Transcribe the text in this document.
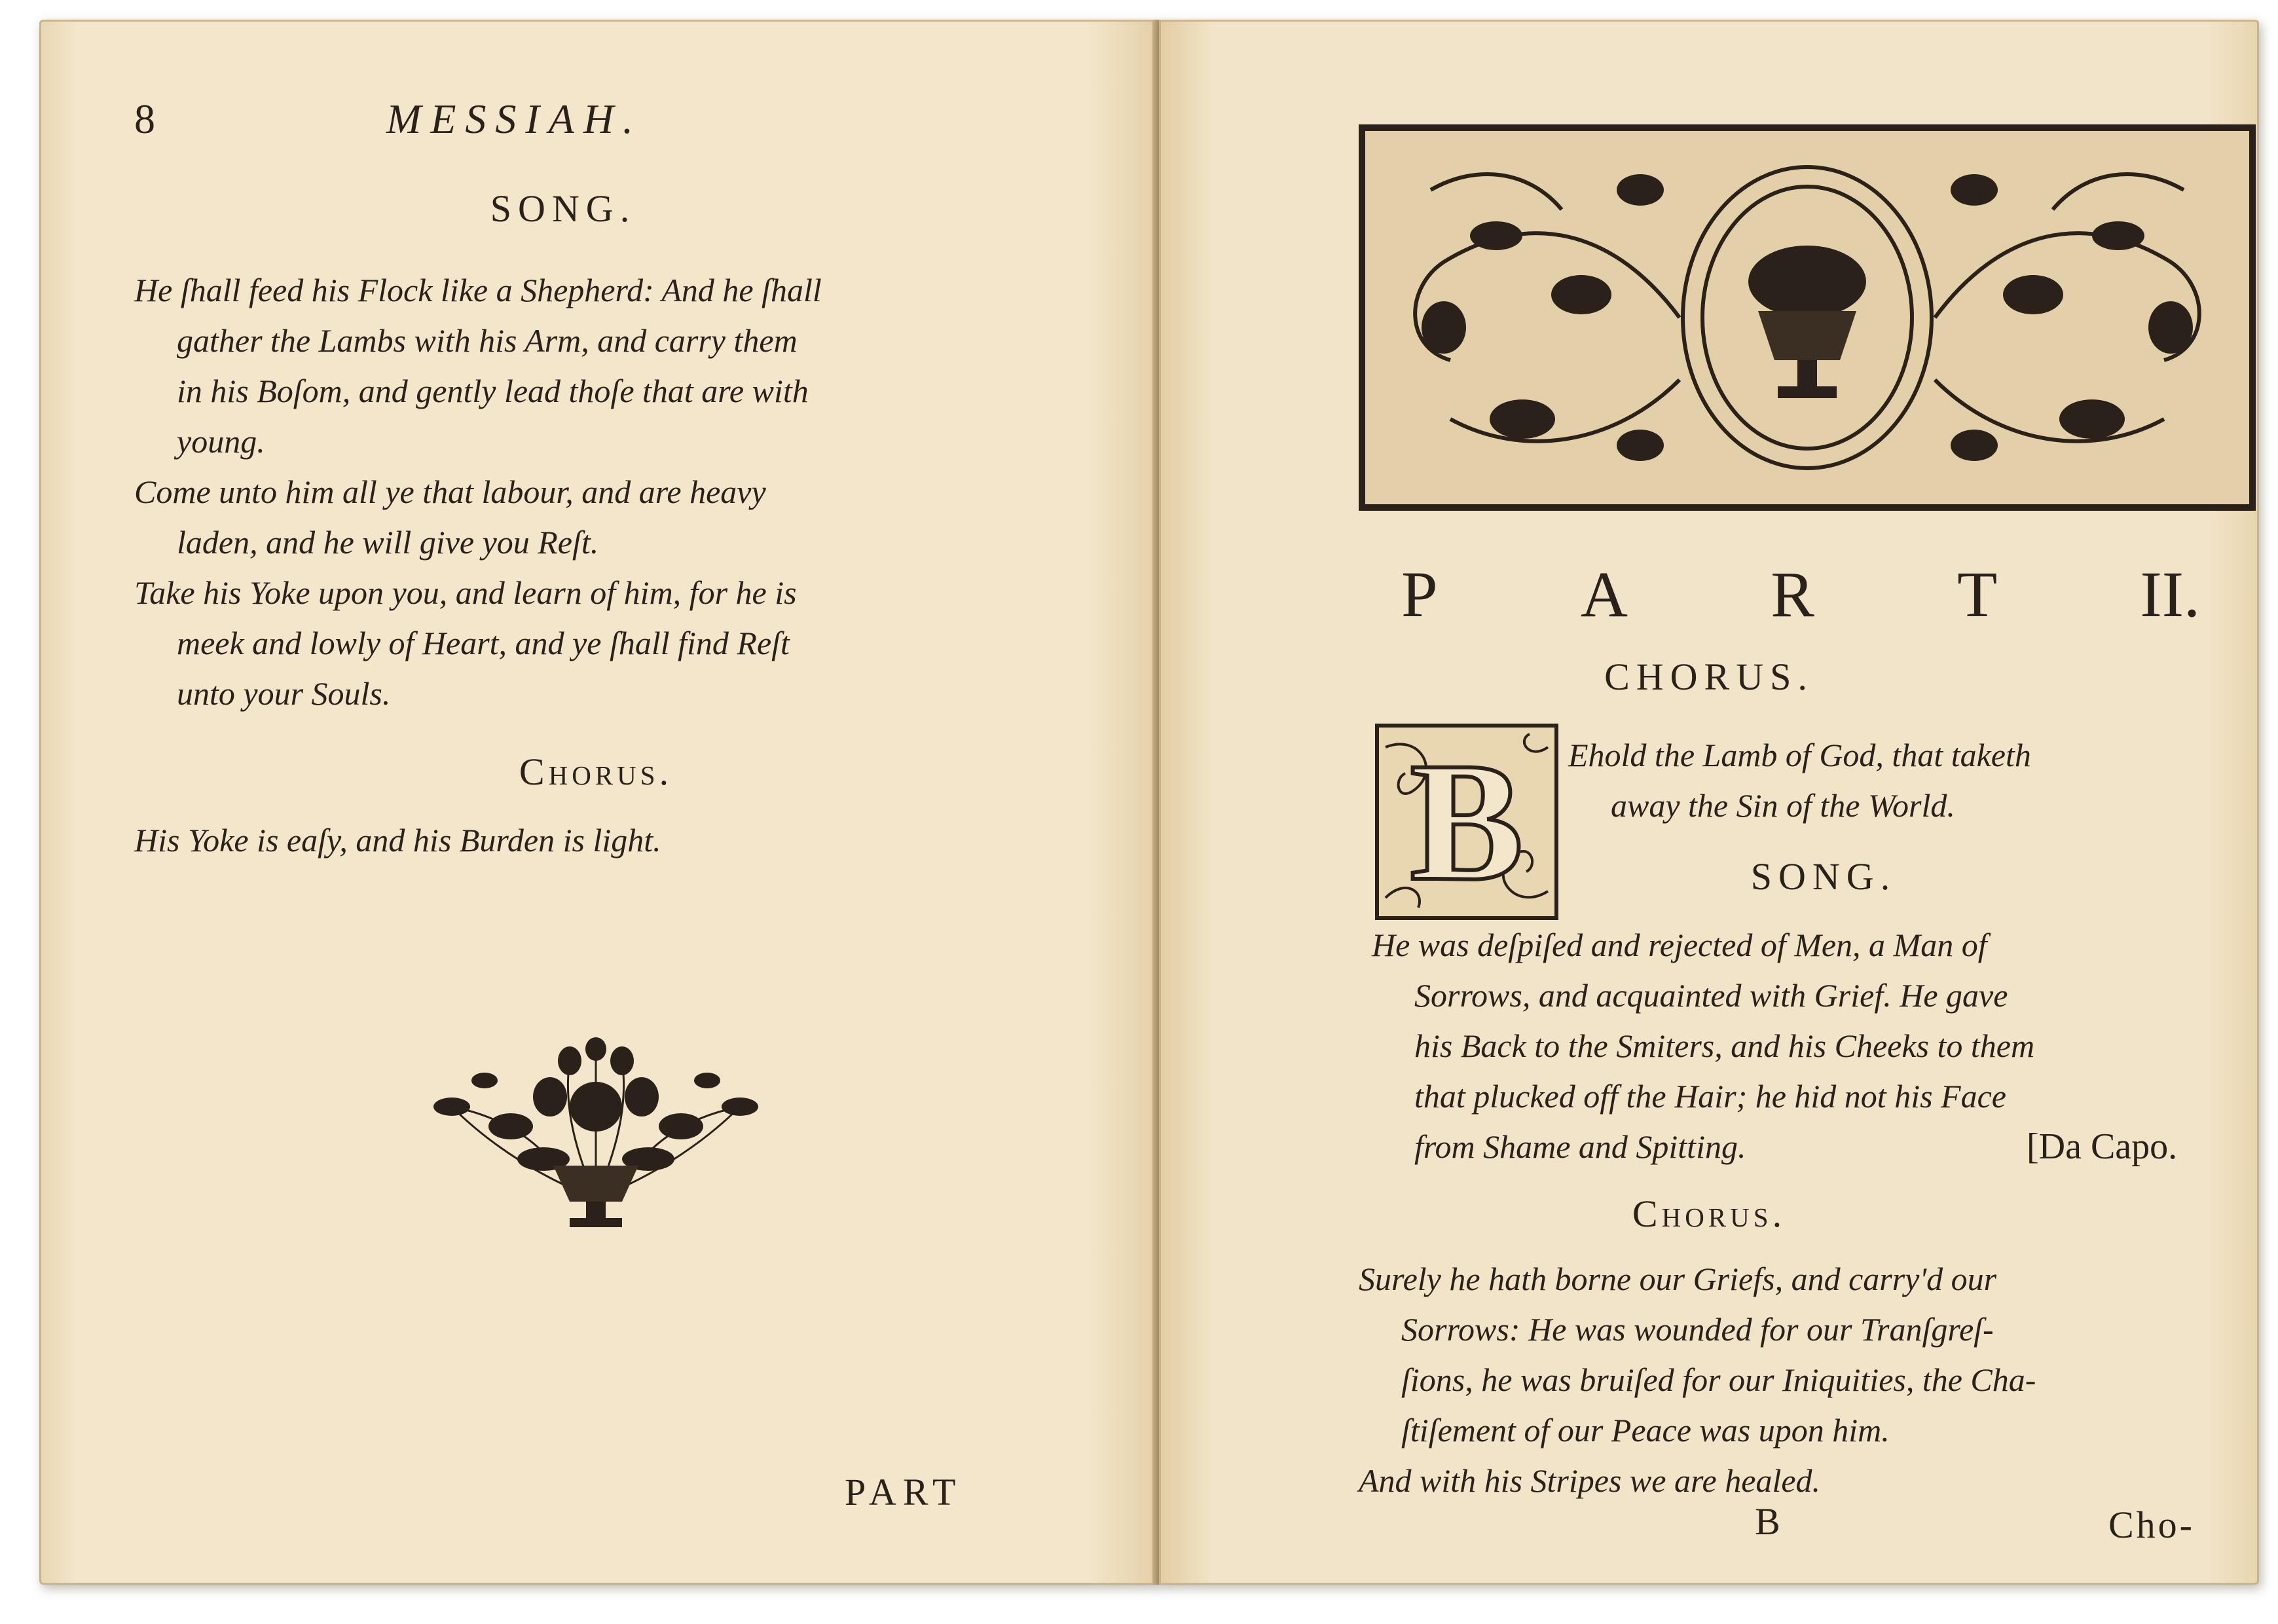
8	MESSIAH.
SONG.
He ſhall feed his Flock like a Shepherd: And he ſhall
gather the Lambs with his Arm, and carry them
in his Boſom, and gently lead thoſe that are with
young.
Come unto him all ye that labour, and are heavy
laden, and he will give you Reſt.
Take his Yoke upon you, and learn of him, for he is
meek and lowly of Heart, and ye ſhall find Reſt
unto your Souls.
Chorus.
His Yoke is eaſy, and his Burden is light.
PART
P A R T II.
CHORUS.
B	Ehold the Lamb of God, that taketh
away the Sin of the World.
SONG.
He was deſpiſed and rejected of Men, a Man of
Sorrows, and acquainted with Grief. He gave
his Back to the Smiters, and his Cheeks to them
that plucked off the Hair; he hid not his Face
from Shame and Spitting.	[Da Capo.
Chorus.
Surely he hath borne our Griefs, and carry'd our
Sorrows: He was wounded for our Tranſgreſ-
ſions, he was bruiſed for our Iniquities, the Cha-
ſtiſement of our Peace was upon him.
And with his Stripes we are healed.
B	Cho-
